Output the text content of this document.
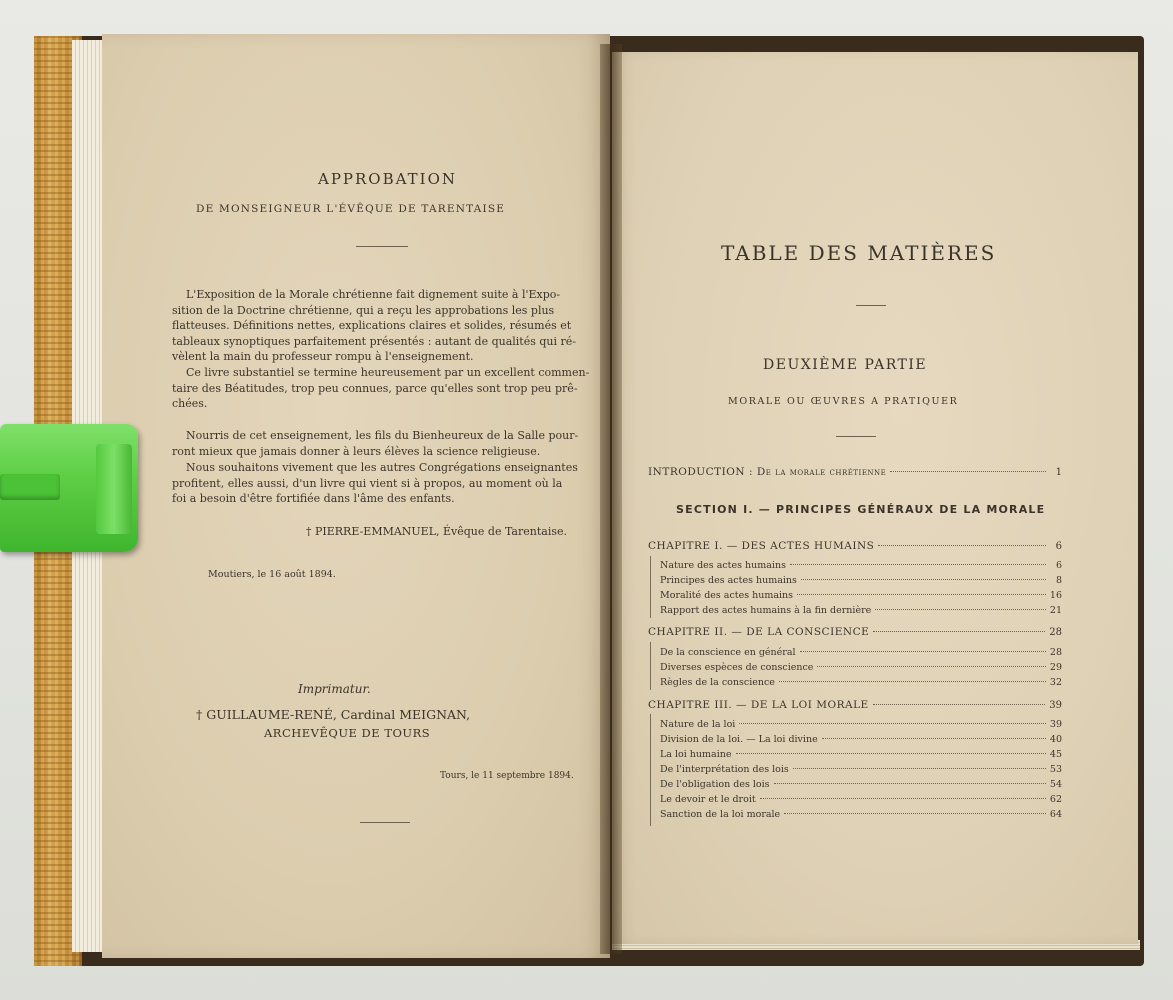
APPROBATION
DE MONSEIGNEUR L'ÉVÊQUE DE TARENTAISE
L'Exposition de la Morale chrétienne fait dignement suite à l'Expo-
sition de la Doctrine chrétienne, qui a reçu les approbations les plus
flatteuses. Définitions nettes, explications claires et solides, résumés et
tableaux synoptiques parfaitement présentés : autant de qualités qui ré-
vèlent la main du professeur rompu à l'enseignement.
Ce livre substantiel se termine heureusement par un excellent commen-
taire des Béatitudes, trop peu connues, parce qu'elles sont trop peu prê-
chées.
Nourris de cet enseignement, les fils du Bienheureux de la Salle pour-
ront mieux que jamais donner à leurs élèves la science religieuse.
Nous souhaitons vivement que les autres Congrégations enseignantes
profitent, elles aussi, d'un livre qui vient si à propos, au moment où la
foi a besoin d'être fortifiée dans l'âme des enfants.
† PIERRE-EMMANUEL, Évêque de Tarentaise.
Moutiers, le 16 août 1894.
Imprimatur.
† GUILLAUME-RENÉ, Cardinal MEIGNAN,
ARCHEVÊQUE DE TOURS
Tours, le 11 septembre 1894.
TABLE DES MATIÈRES
DEUXIÈME PARTIE
MORALE OU ŒUVRES A PRATIQUER
INTRODUCTION : De la morale chrétienne	1
SECTION I. — PRINCIPES GÉNÉRAUX DE LA MORALE
CHAPITRE I. — DES ACTES HUMAINS	6
Nature des actes humains	6
Principes des actes humains	8
Moralité des actes humains	16
Rapport des actes humains à la fin dernière	21
CHAPITRE II. — DE LA CONSCIENCE	28
De la conscience en général	28
Diverses espèces de conscience	29
Règles de la conscience	32
CHAPITRE III. — DE LA LOI MORALE	39
Nature de la loi	39
Division de la loi. — La loi divine	40
La loi humaine	45
De l'interprétation des lois	53
De l'obligation des lois	54
Le devoir et le droit	62
Sanction de la loi morale	64
